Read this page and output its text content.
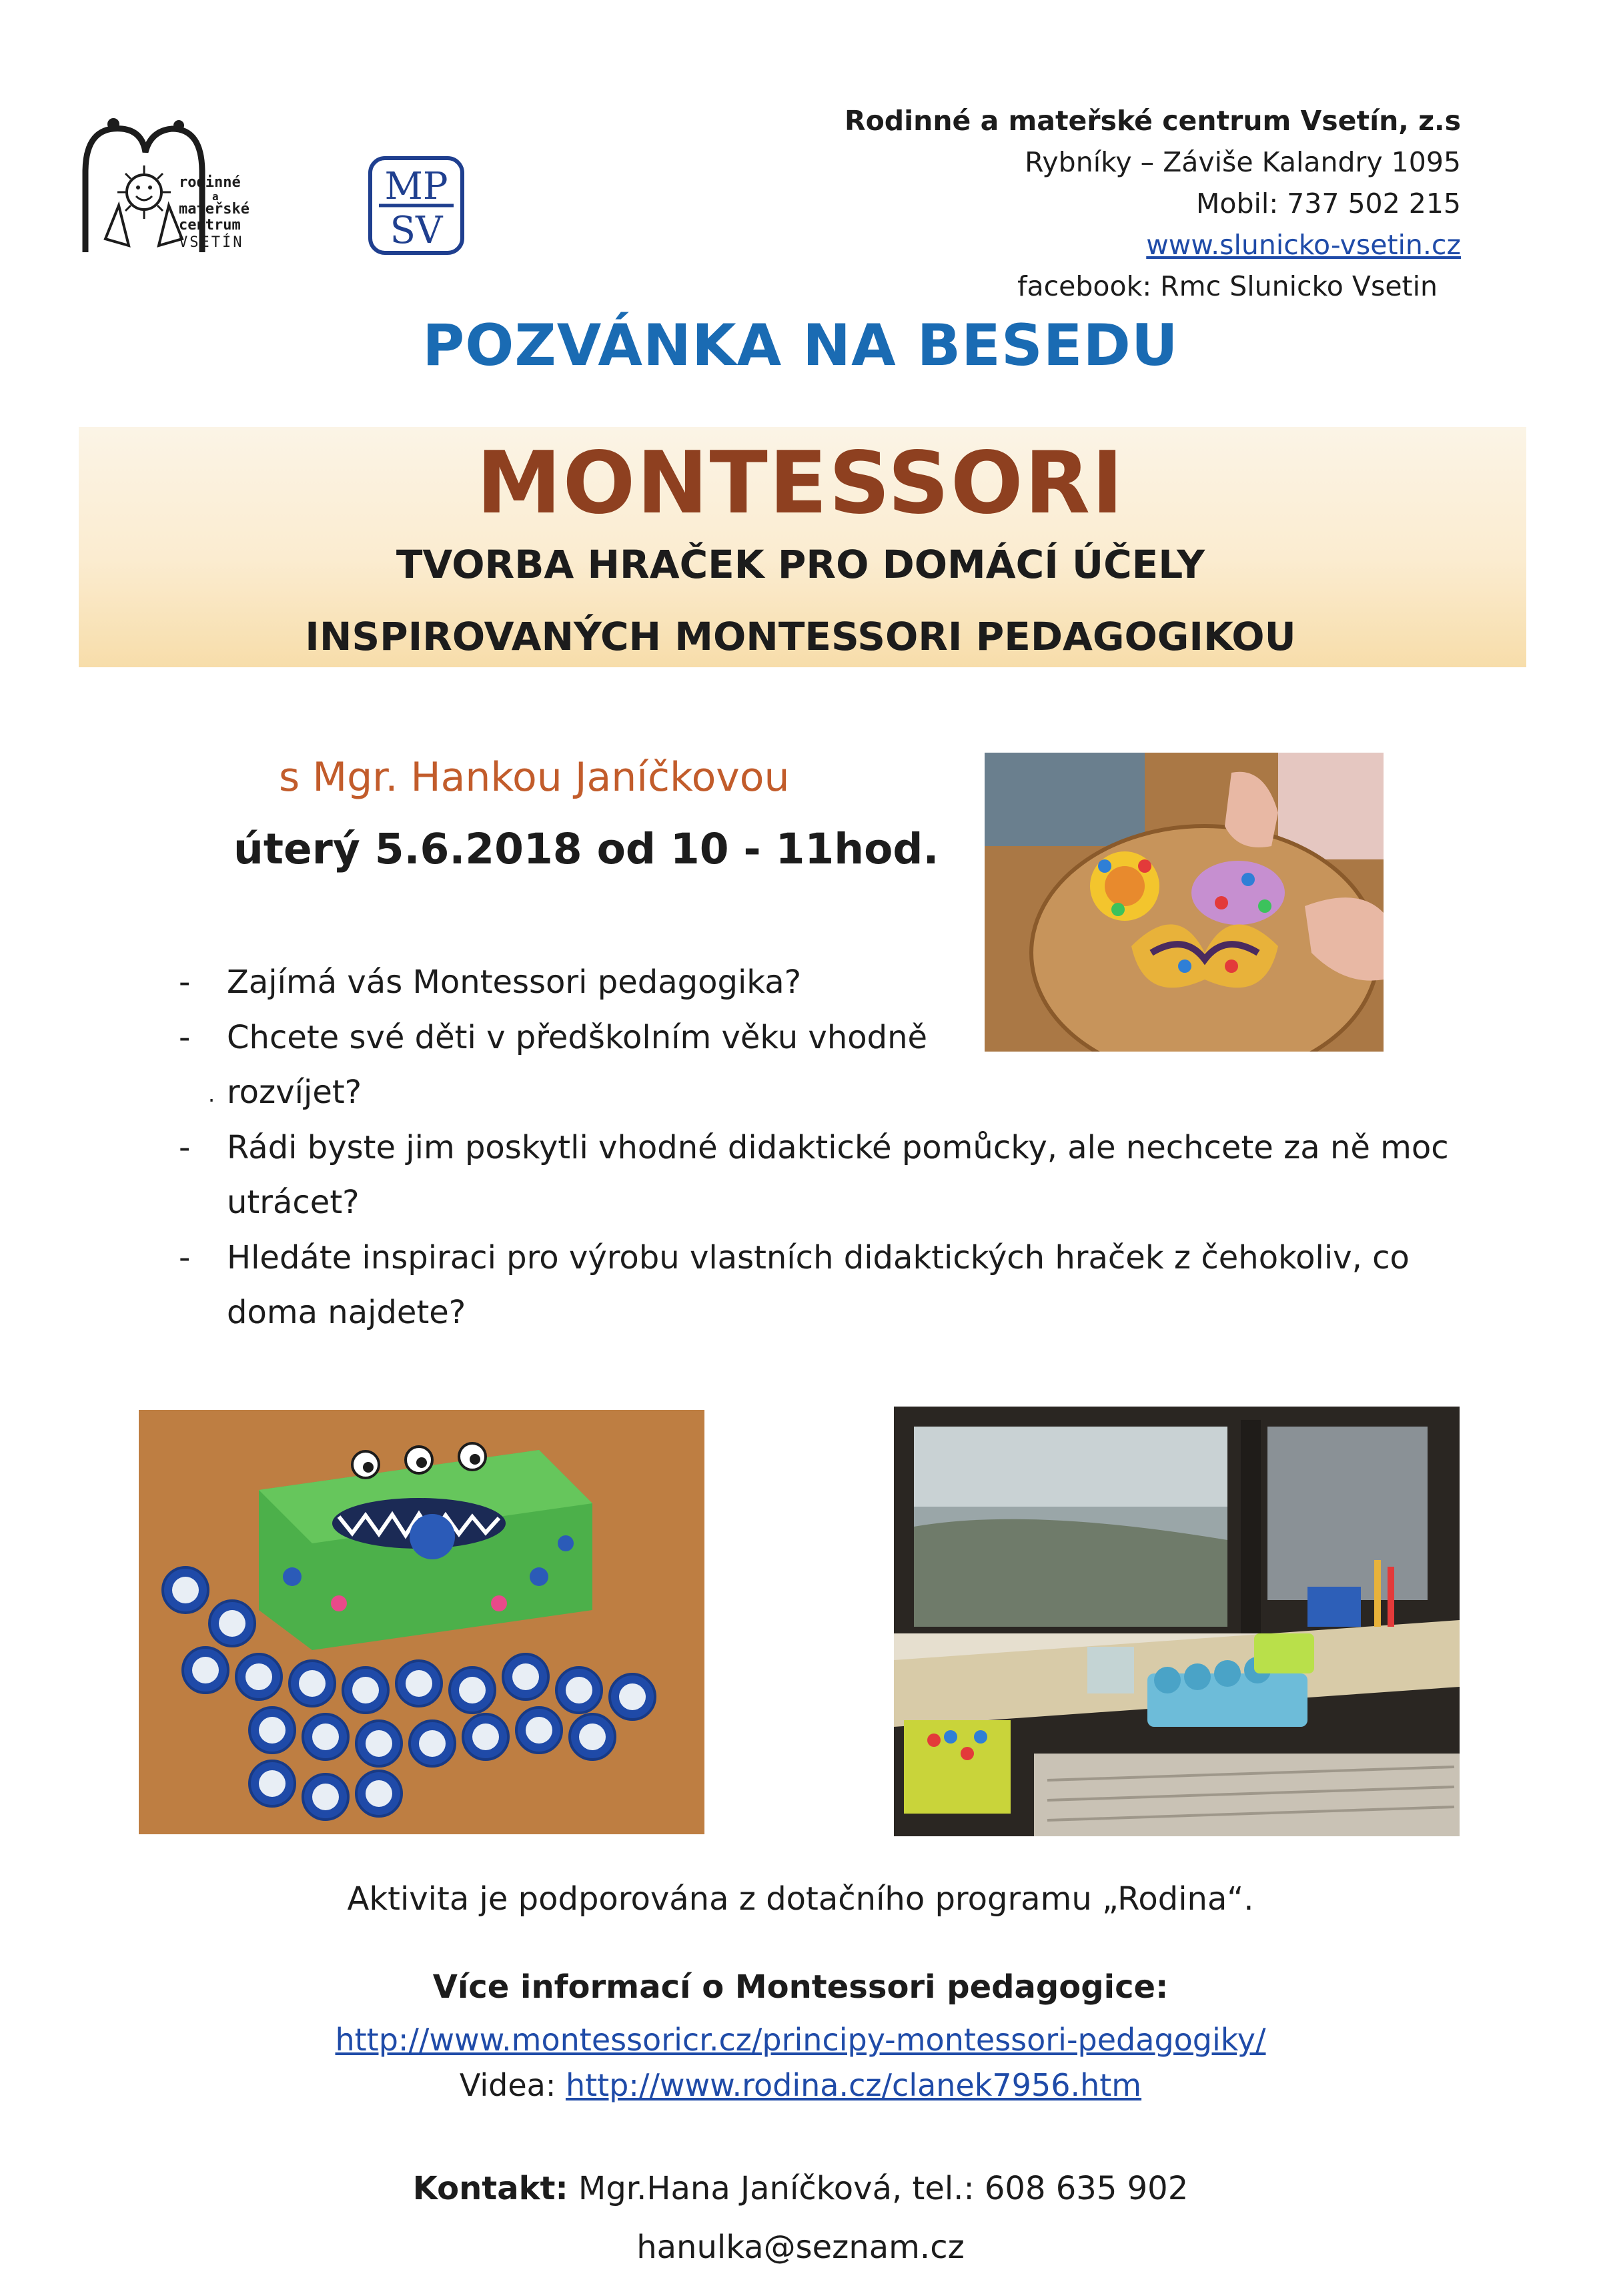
rodinné
a
mateřské
centrum
VSETÍN
MP
SV
Rodinné a mateřské centrum Vsetín, z.s
Rybníky – Záviše Kalandry 1095
Mobil: 737 502 215
www.slunicko-vsetin.cz
facebook: Rmc Slunicko Vsetin
POZVÁNKA NA BESEDU
MONTESSORI
TVORBA HRAČEK PRO DOMÁCÍ ÚČELY
INSPIROVANÝCH MONTESSORI PEDAGOGIKOU
s Mgr. Hankou Janíčkovou
úterý 5.6.2018 od 10 - 11hod.
- Zajímá vás Montessori pedagogika?
- Chcete své děti v předškolním věku vhodně
· rozvíjet?
- Rádi byste jim poskytli vhodné didaktické pomůcky, ale nechcete za ně moc
utrácet?
- Hledáte inspiraci pro výrobu vlastních didaktických hraček z čehokoliv, co
doma najdete?
Aktivita je podporována z dotačního programu „Rodina“.
Více informací o Montessori pedagogice:
http://www.montessoricr.cz/principy-montessori-pedagogiky/
Videa: http://www.rodina.cz/clanek7956.htm
Kontakt: Mgr.Hana Janíčková, tel.: 608 635 902
hanulka@seznam.cz
